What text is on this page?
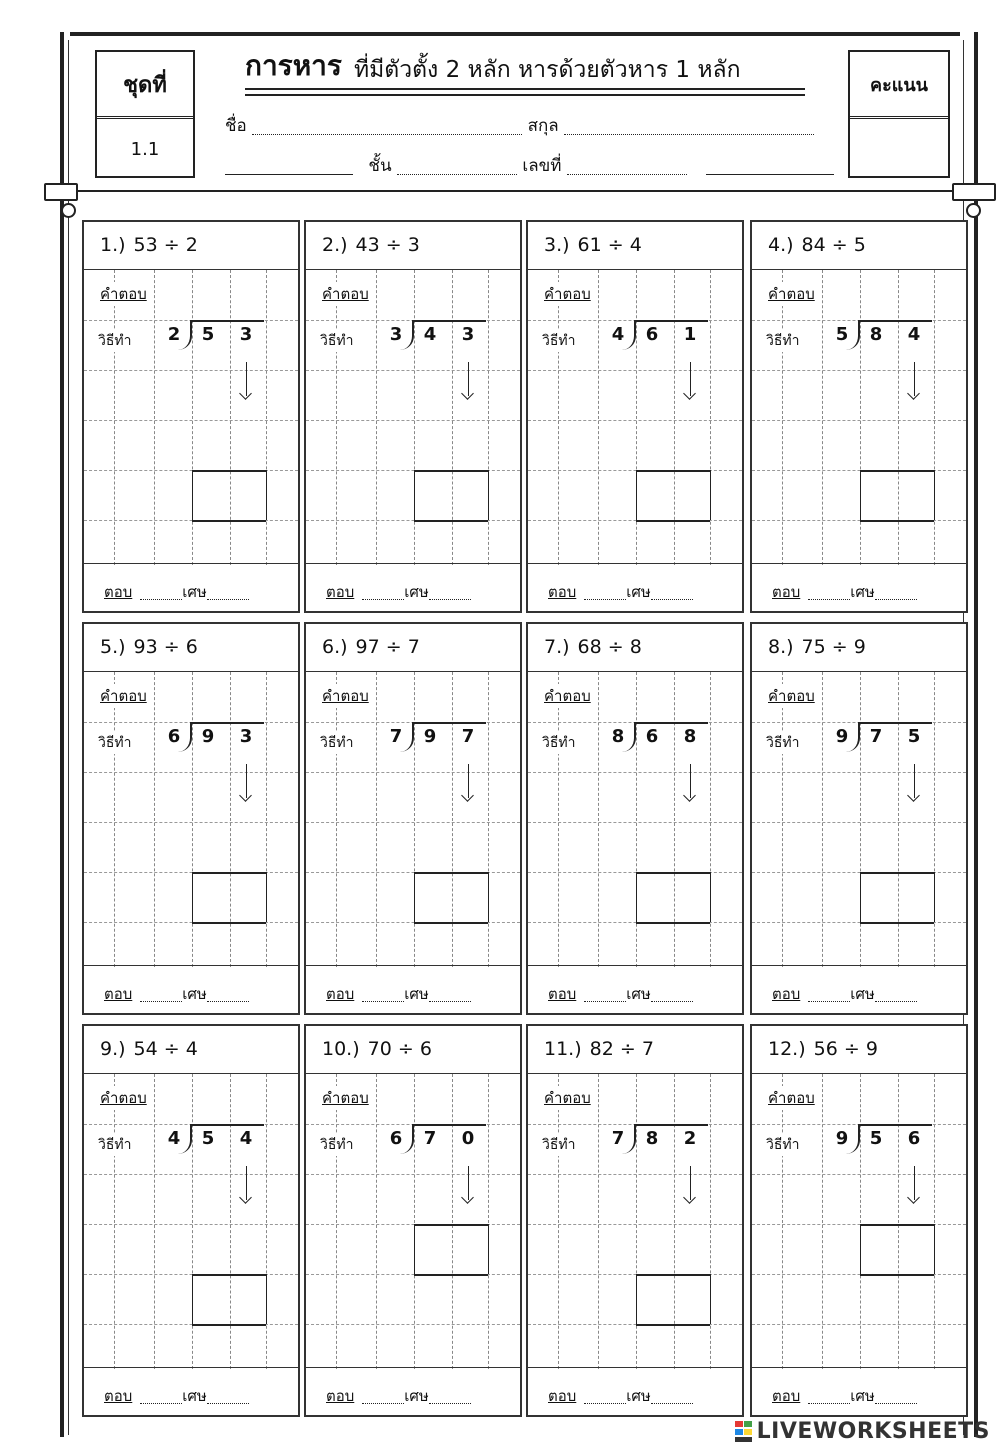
ชุดที่
1.1
การหาร ที่มีตัวตั้ง 2 หลัก หารด้วยตัวหาร 1 หลัก
ชื่อ	สกุล
ชั้น	เลขที่
คะแนน
1.) 53 ÷ 2
คำตอบ
วิธีทำ 2 5 3
ตอบ	เศษ
2.) 43 ÷ 3
คำตอบ
วิธีทำ 3 4 3
ตอบ	เศษ
3.) 61 ÷ 4
คำตอบ
วิธีทำ 4 6 1
ตอบ	เศษ
4.) 84 ÷ 5
คำตอบ
วิธีทำ 5 8 4
ตอบ	เศษ
5.) 93 ÷ 6
คำตอบ
วิธีทำ 6 9 3
ตอบ	เศษ
6.) 97 ÷ 7
คำตอบ
วิธีทำ 7 9 7
ตอบ	เศษ
7.) 68 ÷ 8
คำตอบ
วิธีทำ 8 6 8
ตอบ	เศษ
8.) 75 ÷ 9
คำตอบ
วิธีทำ 9 7 5
ตอบ	เศษ
9.) 54 ÷ 4
คำตอบ
วิธีทำ 4 5 4
ตอบ	เศษ
10.) 70 ÷ 6
คำตอบ
วิธีทำ 6 7 0
ตอบ	เศษ
11.) 82 ÷ 7
คำตอบ
วิธีทำ 7 8 2
ตอบ	เศษ
12.) 56 ÷ 9
คำตอบ
วิธีทำ 9 5 6
ตอบ	เศษ
LIVEWORKSHEETS
